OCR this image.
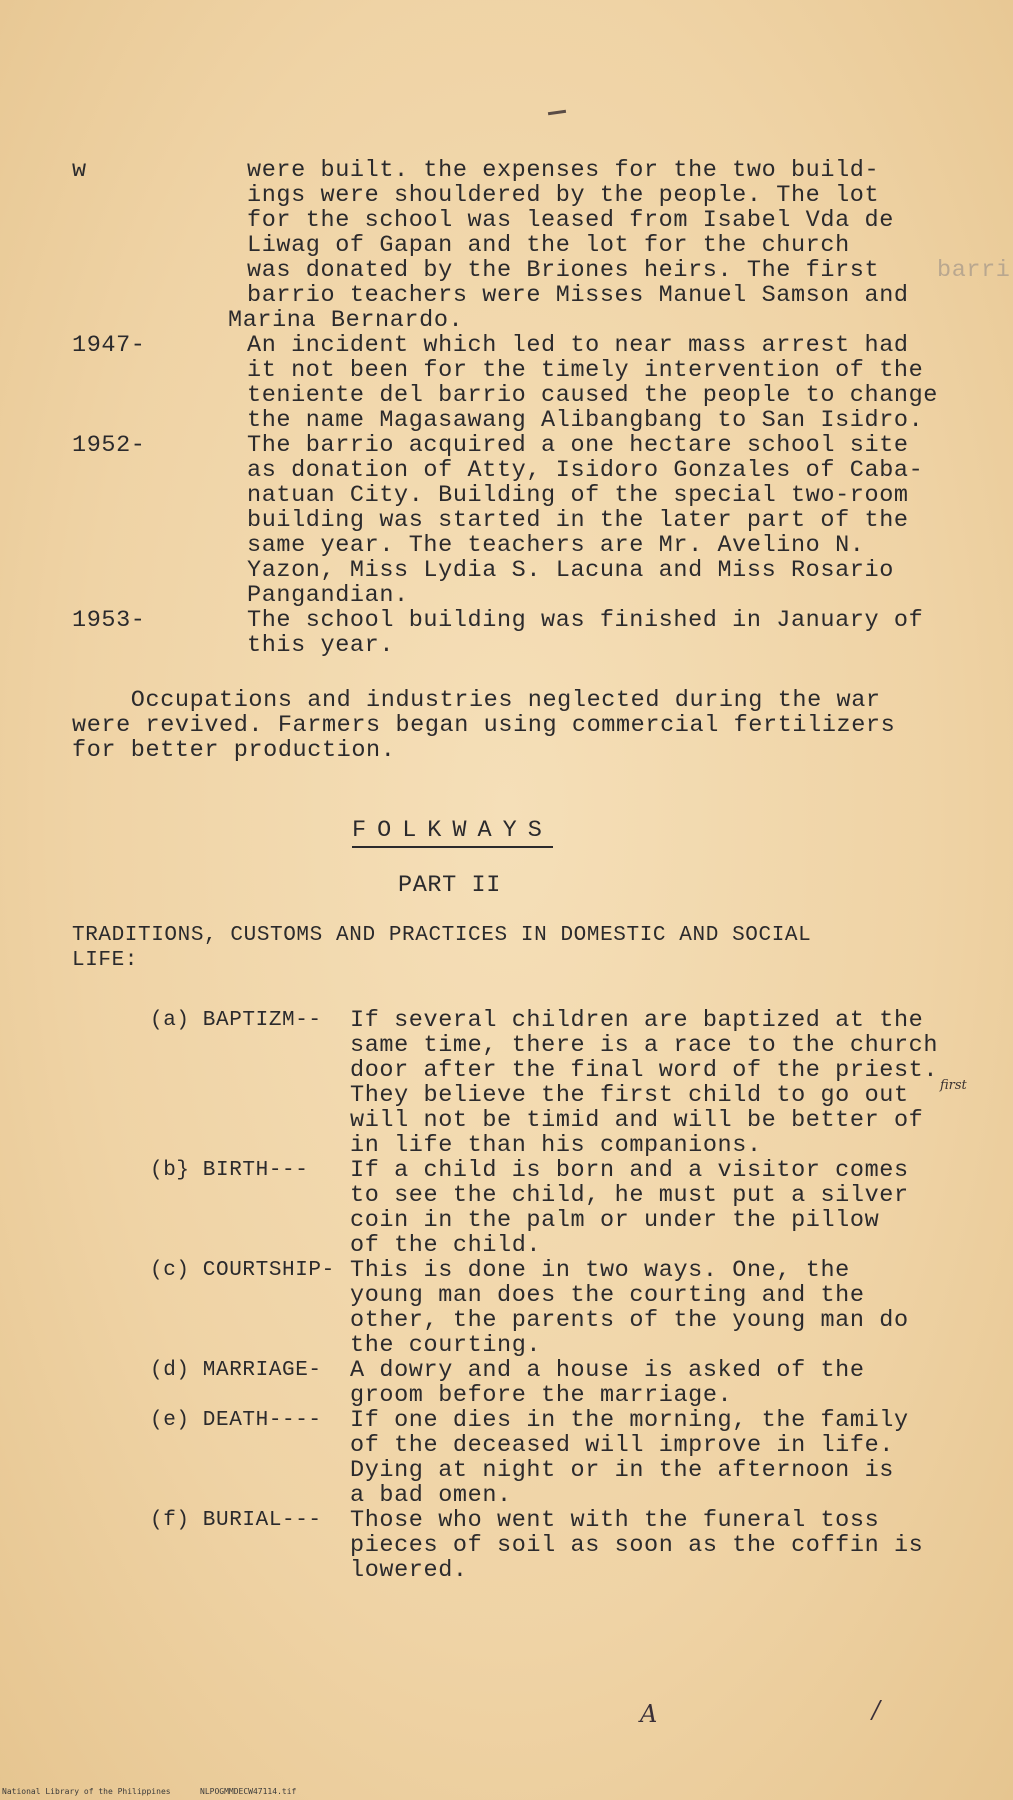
w	were built. the expenses for the two build-
ings were shouldered by the people. The lot
for the school was leased from Isabel Vda de
Liwag of Gapan and the lot for the church
was donated by the Briones heirs. The first barri
barrio teachers were Misses Manuel Samson and
Marina Bernardo.
1947-	An incident which led to near mass arrest had
it not been for the timely intervention of the
teniente del barrio caused the people to change
the name Magasawang Alibangbang to San Isidro.
1952-	The barrio acquired a one hectare school site
as donation of Atty, Isidoro Gonzales of Caba-
natuan City. Building of the special two-room
building was started in the later part of the
same year. The teachers are Mr. Avelino N.
Yazon, Miss Lydia S. Lacuna and Miss Rosario
Pangandian.
1953-	The school building was finished in January of
this year.
Occupations and industries neglected during the war
were revived. Farmers began using commercial fertilizers
for better production.
FOLKWAYS
PART II
TRADITIONS, CUSTOMS AND PRACTICES IN DOMESTIC AND SOCIAL
LIFE:
(a) BAPTIZM-- If several children are baptized at the
same time, there is a race to the church
door after the final word of the priest.
They believe the first child to go out first
will not be timid and will be better of
in life than his companions.
(b} BIRTH--- If a child is born and a visitor comes
to see the child, he must put a silver
coin in the palm or under the pillow
of the child.
(c) COURTSHIP- This is done in two ways. One, the
young man does the courting and the
other, the parents of the young man do
the courting.
(d) MARRIAGE- A dowry and a house is asked of the
groom before the marriage.
(e) DEATH---- If one dies in the morning, the family
of the deceased will improve in life.
Dying at night or in the afternoon is
a bad omen.
(f) BURIAL--- Those who went with the funeral toss
pieces of soil as soon as the coffin is
lowered.
A	/
National Library of the Philippines	NLPOGMMDECW47114.tif
